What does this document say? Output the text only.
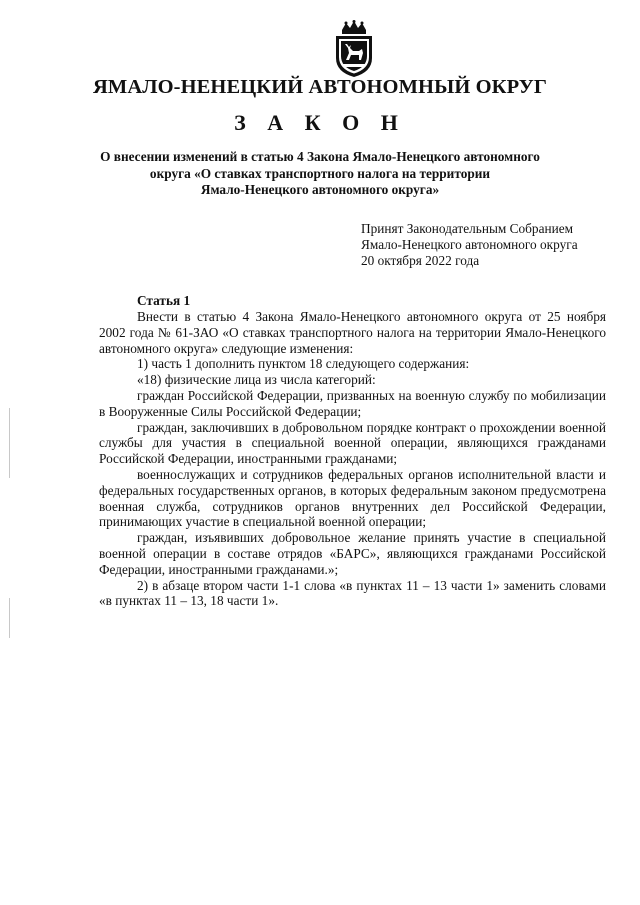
ЯМАЛО-НЕНЕЦКИЙ АВТОНОМНЫЙ ОКРУГ
З А К О Н
О внесении изменений в статью 4 Закона Ямало-Ненецкого автономного
округа «О ставках транспортного налога на территории
Ямало-Ненецкого автономного округа»
Принят Законодательным Собранием
Ямало-Ненецкого автономного округа
20 октября 2022 года
Статья 1

Внести в статью 4 Закона Ямало-Ненецкого автономного округа от 25 ноября 2002 года № 61-ЗАО «О ставках транспортного налога на территории Ямало-Ненецкого автономного округа» следующие изменения:

1) часть 1 дополнить пунктом 18 следующего содержания:

«18) физические лица из числа категорий:

граждан Российской Федерации, призванных на военную службу по мобилизации в Вооруженные Силы Российской Федерации;

граждан, заключивших в добровольном порядке контракт о прохождении военной службы для участия в специальной военной операции, являющихся гражданами Российской Федерации, иностранными гражданами;

военнослужащих и сотрудников федеральных органов исполнительной власти и федеральных государственных органов, в которых федеральным законом предусмотрена военная служба, сотрудников органов внутренних дел Российской Федерации, принимающих участие в специальной военной операции;

граждан, изъявивших добровольное желание принять участие в специальной военной операции в составе отрядов «БАРС», являющихся гражданами Российской Федерации, иностранными гражданами.»;

2) в абзаце втором части 1-1 слова «в пунктах 11 – 13 части 1» заменить словами «в пунктах 11 – 13, 18 части 1».
